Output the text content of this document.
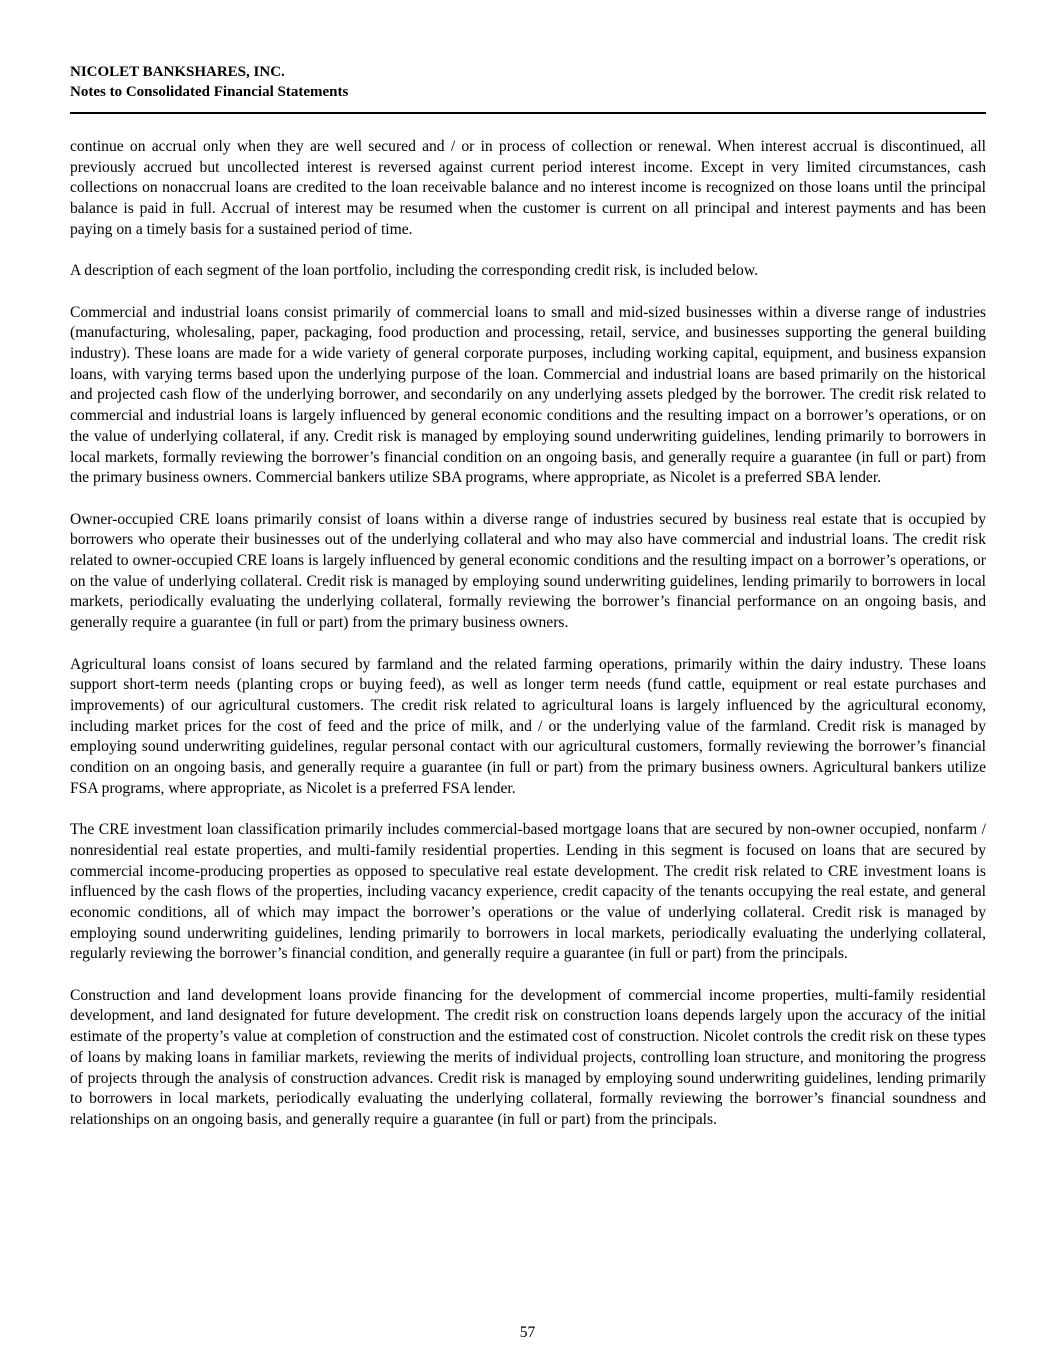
NICOLET BANKSHARES, INC.

Notes to Consolidated Financial Statements

continue on accrual only when they are well secured and / or in process of collection or renewal. When interest accrual is discontinued, all previously accrued but uncollected interest is reversed against current period interest income. Except in very limited circumstances, cash collections on nonaccrual loans are credited to the loan receivable balance and no interest income is recognized on those loans until the principal balance is paid in full. Accrual of interest may be resumed when the customer is current on all principal and interest payments and has been paying on a timely basis for a sustained period of time.

A description of each segment of the loan portfolio, including the corresponding credit risk, is included below.

Commercial and industrial loans consist primarily of commercial loans to small and mid-sized businesses within a diverse range of industries (manufacturing, wholesaling, paper, packaging, food production and processing, retail, service, and businesses supporting the general building industry). These loans are made for a wide variety of general corporate purposes, including working capital, equipment, and business expansion loans, with varying terms based upon the underlying purpose of the loan. Commercial and industrial loans are based primarily on the historical and projected cash flow of the underlying borrower, and secondarily on any underlying assets pledged by the borrower. The credit risk related to commercial and industrial loans is largely influenced by general economic conditions and the resulting impact on a borrower’s operations, or on the value of underlying collateral, if any. Credit risk is managed by employing sound underwriting guidelines, lending primarily to borrowers in local markets, formally reviewing the borrower’s financial condition on an ongoing basis, and generally require a guarantee (in full or part) from the primary business owners. Commercial bankers utilize SBA programs, where appropriate, as Nicolet is a preferred SBA lender.

Owner-occupied CRE loans primarily consist of loans within a diverse range of industries secured by business real estate that is occupied by borrowers who operate their businesses out of the underlying collateral and who may also have commercial and industrial loans. The credit risk related to owner-occupied CRE loans is largely influenced by general economic conditions and the resulting impact on a borrower’s operations, or on the value of underlying collateral. Credit risk is managed by employing sound underwriting guidelines, lending primarily to borrowers in local markets, periodically evaluating the underlying collateral, formally reviewing the borrower’s financial performance on an ongoing basis, and generally require a guarantee (in full or part) from the primary business owners.

Agricultural loans consist of loans secured by farmland and the related farming operations, primarily within the dairy industry. These loans support short-term needs (planting crops or buying feed), as well as longer term needs (fund cattle, equipment or real estate purchases and improvements) of our agricultural customers. The credit risk related to agricultural loans is largely influenced by the agricultural economy, including market prices for the cost of feed and the price of milk, and / or the underlying value of the farmland. Credit risk is managed by employing sound underwriting guidelines, regular personal contact with our agricultural customers, formally reviewing the borrower’s financial condition on an ongoing basis, and generally require a guarantee (in full or part) from the primary business owners. Agricultural bankers utilize FSA programs, where appropriate, as Nicolet is a preferred FSA lender.

The CRE investment loan classification primarily includes commercial-based mortgage loans that are secured by non-owner occupied, nonfarm / nonresidential real estate properties, and multi-family residential properties. Lending in this segment is focused on loans that are secured by commercial income-producing properties as opposed to speculative real estate development. The credit risk related to CRE investment loans is influenced by the cash flows of the properties, including vacancy experience, credit capacity of the tenants occupying the real estate, and general economic conditions, all of which may impact the borrower’s operations or the value of underlying collateral. Credit risk is managed by employing sound underwriting guidelines, lending primarily to borrowers in local markets, periodically evaluating the underlying collateral, regularly reviewing the borrower’s financial condition, and generally require a guarantee (in full or part) from the principals.

Construction and land development loans provide financing for the development of commercial income properties, multi-family residential development, and land designated for future development. The credit risk on construction loans depends largely upon the accuracy of the initial estimate of the property’s value at completion of construction and the estimated cost of construction. Nicolet controls the credit risk on these types of loans by making loans in familiar markets, reviewing the merits of individual projects, controlling loan structure, and monitoring the progress of projects through the analysis of construction advances. Credit risk is managed by employing sound underwriting guidelines, lending primarily to borrowers in local markets, periodically evaluating the underlying collateral, formally reviewing the borrower’s financial soundness and relationships on an ongoing basis, and generally require a guarantee (in full or part) from the principals.

57
